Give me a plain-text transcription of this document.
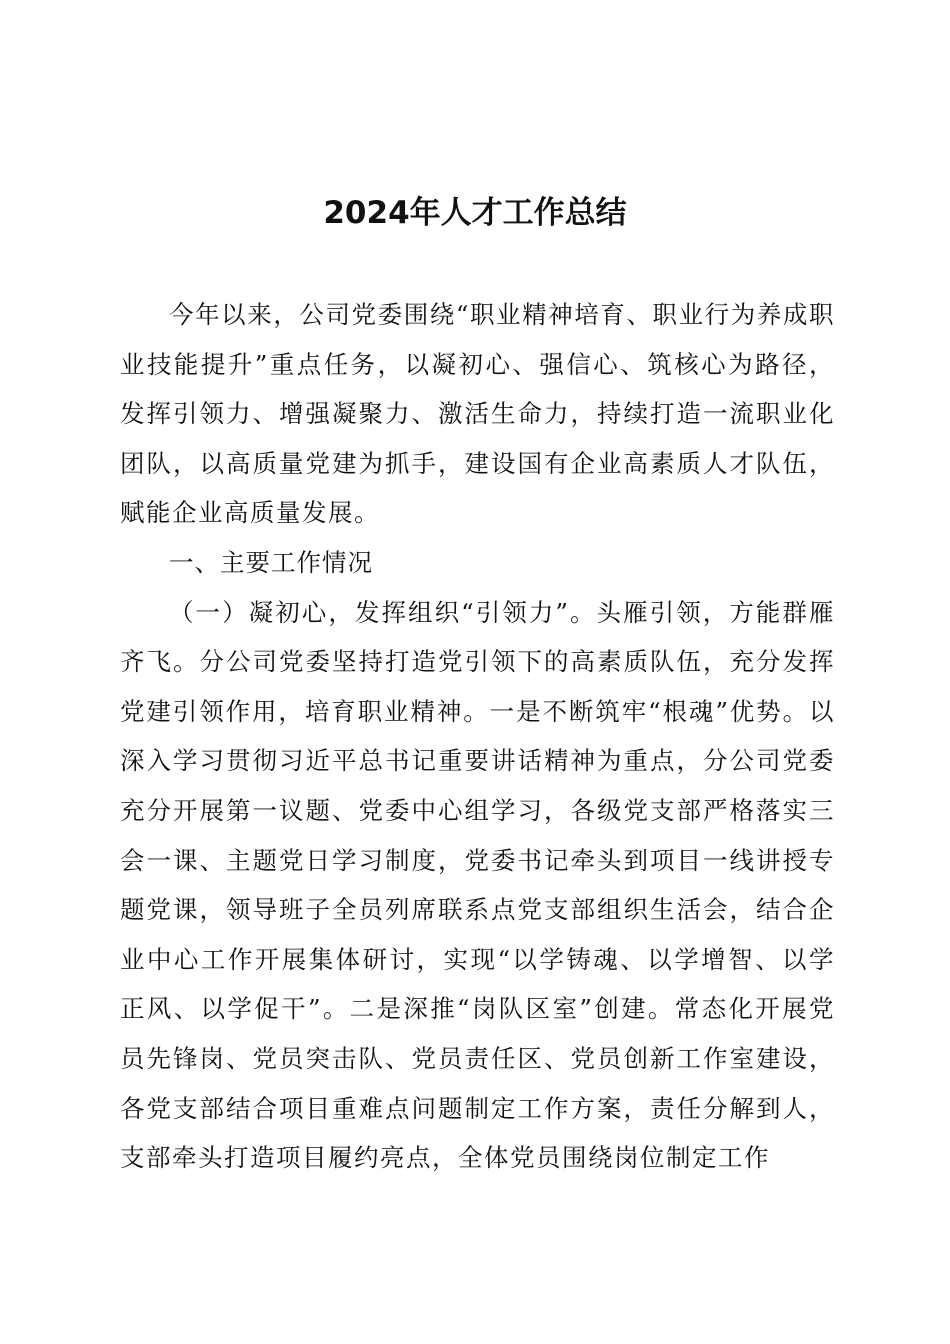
2024年人才工作总结

今年以来，公司党委围绕“职业精神培育、职业行为养成职业技能提升”重点任务，以凝初心、强信心、筑核心为路径，发挥引领力、增强凝聚力、激活生命力，持续打造一流职业化团队，以高质量党建为抓手，建设国有企业高素质人才队伍，赋能企业高质量发展。

一、主要工作情况

（一）凝初心，发挥组织“引领力”。头雁引领，方能群雁齐飞。分公司党委坚持打造党引领下的高素质队伍，充分发挥党建引领作用，培育职业精神。一是不断筑牢“根魂”优势。以深入学习贯彻习近平总书记重要讲话精神为重点，分公司党委充分开展第一议题、党委中心组学习，各级党支部严格落实三会一课、主题党日学习制度，党委书记牵头到项目一线讲授专题党课，领导班子全员列席联系点党支部组织生活会，结合企业中心工作开展集体研讨，实现“以学铸魂、以学增智、以学正风、以学促干”。二是深推“岗队区室”创建。常态化开展党员先锋岗、党员突击队、党员责任区、党员创新工作室建设，各党支部结合项目重难点问题制定工作方案，责任分解到人，支部牵头打造项目履约亮点，全体党员围绕岗位制定工作
